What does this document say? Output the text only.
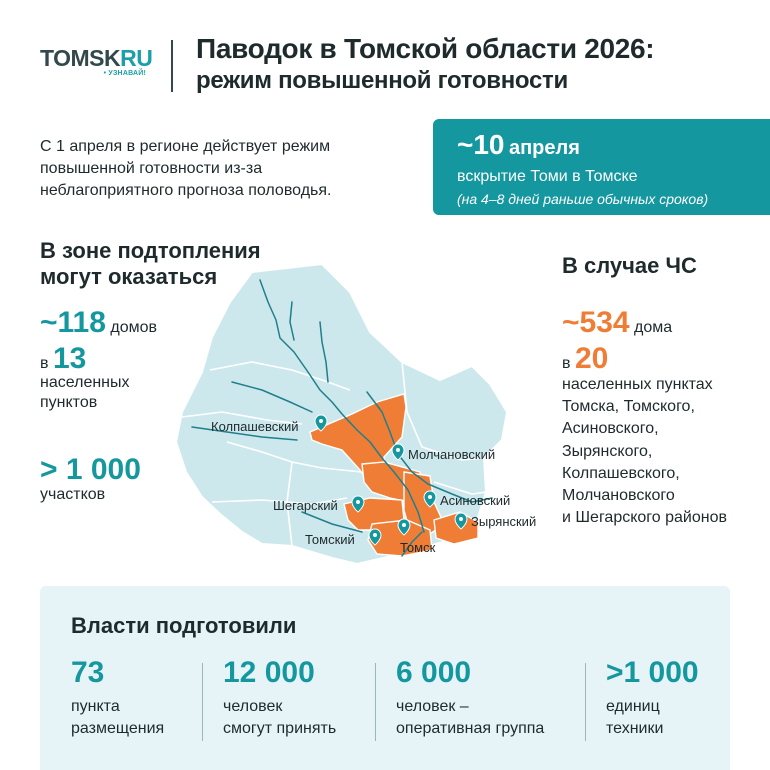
TOMSKRU
• УЗНАВАЙ!
Паводок в Томской области 2026:
режим повышенной готовности
С 1 апреля в регионе действует режим
повышенной готовности из-за
неблагоприятного прогноза половодья.
~10 апреля
вскрытие Томи в Томске
(на 4–8 дней раньше обычных сроков)
В зоне подтопления
могут оказаться
~118 домов
в 13
населенных
пунктов
> 1 000
участков
В случае ЧС
~534 дома
в 20
населенных пунктах
Томска, Томского,
Асиновского,
Зырянского,
Колпашевского,
Молчановского
и Шегарского районов
Колпашевский
Молчановский
Шегарский	Асиновский
Зырянский
Томский
Томск
Власти подготовили
73
пункта
размещения
12 000
человек
смогут принять
6 000
человек –
оперативная группа
>1 000
единиц
техники
